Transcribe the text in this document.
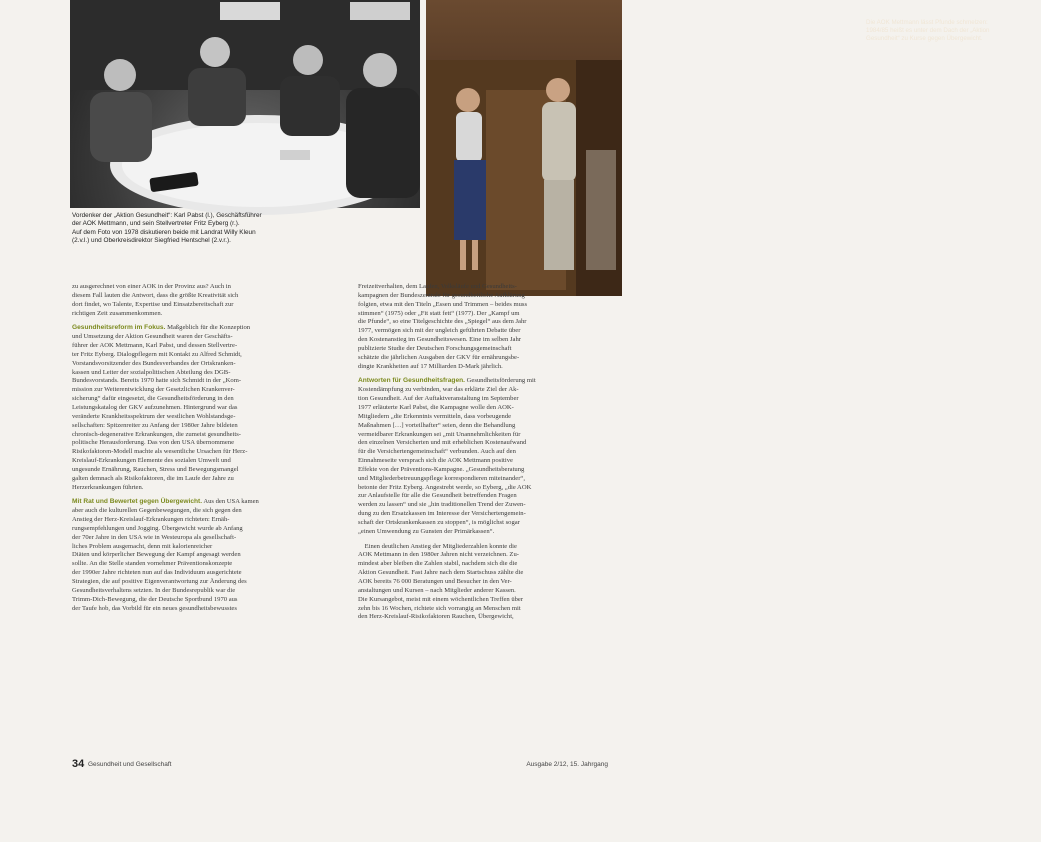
Die AOK Mettmann lässt Pfunde schmelzen:
1984/85 heißt es unter dem Dach der „Aktion
Gesundheit“ zu Kurse gegen Übergewicht.
Vordenker der „Aktion Gesundheit“: Karl Pabst (l.), Geschäftsführer
der AOK Mettmann, und sein Stellvertreter Fritz Eyberg (r.).
Auf dem Foto von 1978 diskutieren beide mit Landrat Willy Kleun
(2.v.l.) und Oberkreisdirektor Siegfried Hentschel (2.v.r.).

zu ausgerechnet von einer AOK in der Provinz aus? Auch in
diesem Fall lauten die Antwort, dass die größte Kreativität sich
dort findet, wo Talente, Expertise und Einsatzbereitschaft zur
richtigen Zeit zusammenkommen.

Gesundheitsreform im Fokus. Maßgeblich für die Konzeption
und Umsetzung der Aktion Gesundheit waren der Geschäfts-
führer der AOK Mettmann, Karl Pabst, und dessen Stellvertre-
ter Fritz Eyberg. Dialogpflegern mit Kontakt zu Alfred Schmidt,
Vorstandsvorsitzender des Bundesverbandes der Ortskranken-
kassen und Leiter der sozialpolitischen Abteilung des DGB-
Bundesvorstands. Bereits 1970 hatte sich Schmidt in der „Kom-
mission zur Weiterentwicklung der Gesetzlichen Krankenver-
sicherung“ dafür eingesetzt, die Gesundheitsförderung in den
Leistungskatalog der GKV aufzunehmen. Hintergrund war das
veränderte Krankheitsspektrum der westlichen Wohlstandsge-
sellschaften: Spitzenreiter zu Anfang der 1980er Jahre bildeten
chronisch-degenerative Erkrankungen, die zumeist gesundheits-
politische Herausforderung. Das von den USA übernommene
Risikofaktoren-Modell machte als wesentliche Ursachen für Herz-
Kreislauf-Erkrankungen Elemente des sozialen Umwelt und
ungesunde Ernährung, Rauchen, Stress und Bewegungsmangel
galten demnach als Risikofaktoren, die im Laufe der Jahre zu
Herzerkrankungen führten.

Mit Rat und Bewertet gegen Übergewicht. Aus den USA kamen
aber auch die kulturellen Gegenbewegungen, die sich gegen den
Anstieg der Herz-Kreislauf-Erkrankungen richteten: Ernäh-
rungsempfehlungen und Jogging. Übergewicht wurde ab Anfang
der 70er Jahre in den USA wie in Westeuropa als gesellschaft-
liches Problem ausgemacht, denn mit kalorienreicher
Diäten und körperlicher Bewegung der Kampf angesagt werden
sollte. An die Stelle standen vornehmer Präventionskonzepte
der 1990er Jahre richteten nun auf das Individuum ausgerichtete
Strategien, die auf positive Eigenverantwortung zur Änderung des
Gesundheitsverhaltens setzten. In der Bundesrepublik war die
Trimm-Dich-Bewegung, die der Deutsche Sportbund 1970 aus
der Taufe hob, das Vorbild für ein neues gesundheitsbewusstes

Freizeitverhalten, dem Laufen, Volksläufe und Gesundheits-
kampagnen der Bundeszentrale für gesundheitliche Aufklärung
folgten, etwa mit den Titeln „Essen und Trimmen – beides muss
stimmen“ (1975) oder „Fit statt fett“ (1977). Der „Kampf um
die Pfunde“, so eine Titelgeschichte des „Spiegel“ aus dem Jahr
1977, vermögen sich mit der ungleich geführten Debatte über
den Kostenanstieg im Gesundheitswesen. Eine im selben Jahr
publizierte Studie der Deutschen Forschungsgemeinschaft
schätzte die jährlichen Ausgaben der GKV für ernährungsbe-
dingte Krankheiten auf 17 Milliarden D-Mark jährlich.

Antworten für Gesundheitsfragen. Gesundheitsförderung mit
Kostendämpfung zu verbinden, war das erklärte Ziel der Ak-
tion Gesundheit. Auf der Auftaktveranstaltung im September
1977 erläuterte Karl Pabst, die Kampagne wolle den AOK-
Mitgliedern „die Erkenntnis vermitteln, dass vorbeugende
Maßnahmen […] vorteilhafter“ seien, denn die Behandlung
vermeidbarer Erkrankungen sei „mit Unannehmlichkeiten für
den einzelnen Versicherten und mit erheblichen Kostenaufwand
für die Versichertengemeinschaft“ verbunden. Auch auf den
Einnahmeseite versprach sich die AOK Mettmann positive
Effekte von der Präventions-Kampagne. „Gesundheitsberatung
und Mitgliederbetreuungspflege korrespondieren miteinander“,
betonte der Fritz Eyberg. Angestrebt werde, so Eyberg, „die AOK
zur Anlaufstelle für alle die Gesundheit betreffenden Fragen
werden zu lassen“ und sie „hin traditionellen Trend der Zuwen-
dung zu den Ersatzkassen im Interesse der Versichertengemein-
schaft der Ortskrankenkassen zu stoppen“, is möglichst sogar
„einen Umwendung zu Gunsten der Primärkassen“.

 Einen deutlichen Anstieg der Mitgliederzahlen konnte die
AOK Mettmann in den 1980er Jahren nicht verzeichnen. Zu-
mindest aber bleiben die Zahlen stabil, nachdem sich die die
Aktion Gesundheit. Fast Jahre nach dem Startschuss zählte die
AOK bereits 76 000 Beratungen und Besucher in den Ver-
anstaltungen und Kursen – nach Mitglieder anderer Kassen.
Die Kursangebot, meist mit einem wöchentlichen Treffen über
zehn bis 16 Wochen, richtete sich vorrangig an Menschen mit
den Herz-Kreislauf-Risikofaktoren Rauchen, Übergewicht,

34 Gesundheit und Gesellschaft	Ausgabe 2/12, 15. Jahrgang
